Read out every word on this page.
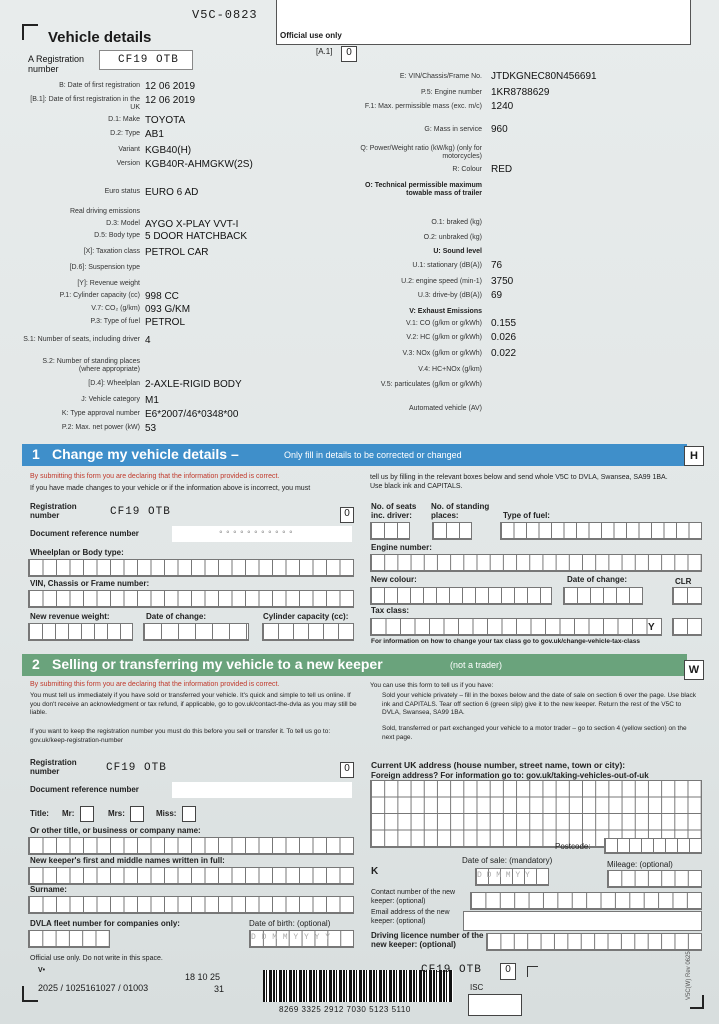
V5C-0823
Official use only
Vehicle details
[A.1]	0
1 Change my vehicle details –	Only fill in details to be corrected or changed	H
By submitting this form you are declaring that the information provided is correct.
If you have made changes to your vehicle or if the information above is incorrect, you must
tell us by filling in the relevant boxes below and send whole V5C to DVLA, Swansea, SA99 1BA. Use black ink and CAPITALS.
Registration number	CF19 OTB	0
Document reference number	◦◦◦◦◦◦◦◦◦◦◦
Wheelplan or Body type:
VIN, Chassis or Frame number:
New revenue weight:	Date of change:	Cylinder capacity (cc):
No. of seats inc. driver:
No. of standing places:	Type of fuel:
Engine number:
New colour:	Date of change:	CLR
Tax class:
Y
For information on how to change your tax class go to gov.uk/change-vehicle-tax-class
2 Selling or transferring my vehicle to a new keeper	(not a trader)	W
By submitting this form you are declaring that the information provided is correct.
You must tell us immediately if you have sold or transferred your vehicle. It's quick and simple to tell us online. If you don't receive an acknowledgment or tax refund, if applicable, go to gov.uk/contact-the-dvla as you may still be liable.
If you want to keep the registration number you must do this before you sell or transfer it. To tell us go to: gov.uk/keep-registration-number
You can use this form to tell us if you have:
Sold your vehicle privately – fill in the boxes below and the date of sale on section 6 over the page. Use black ink and CAPITALS. Tear off section 6 (green slip) give it to the new keeper. Return the rest of the V5C to DVLA, Swansea, SA99 1BA.
Sold, transferred or part exchanged your vehicle to a motor trader – go to section 4 (yellow section) on the next page.
Registration number	CF19 OTB	0
Document reference number
Title: Mr:	Mrs:	Miss:
Or other title, or business or company name:
New keeper's first and middle names written in full:
Surname:
DVLA fleet number for companies only:	Date of birth: (optional)
D D M M Y Y Y Y
Current UK address (house number, street name, town or city):
Foreign address? For information go to: gov.uk/taking-vehicles-out-of-uk
Postcode:
K
Date of sale: (mandatory)	Mileage: (optional)
D D M M Y Y
Contact number of the new keeper: (optional)
Email address of the new keeper: (optional)
Driving licence number of the new keeper: (optional)
Official use only. Do not write in this space.
V•
2025 / 1025161027 / 01003
18 10 25
31
8269 3325 2912 7030 5123 5110
CF19 OTB	0
ISC	V5C(W) Rev 0625
A Registration number
CF19 OTB
B: Date of first registration 12 06 2019
[B.1]: Date of first registration in the UK
12 06 2019
D.1: Make TOYOTA
D.2: Type AB1
Variant KGB40(H)
Version KGB40R-AHMGKW(2S)
Euro status EURO 6 AD
Real driving emissions
D.3: Model AYGO X-PLAY VVT-I
D.5: Body type 5 DOOR HATCHBACK
[X]: Taxation class PETROL CAR
[D.6]: Suspension type
[Y]: Revenue weight
P.1: Cylinder capacity (cc) 998 CC
V.7: CO₂ (g/km) 093 G/KM
P.3: Type of fuel PETROL
S.1: Number of seats, including driver 4
S.2: Number of standing places (where appropriate)
[D.4]: Wheelplan 2-AXLE-RIGID BODY
J: Vehicle category M1
K: Type approval number E6*2007/46*0348*00
P.2: Max. net power (kW) 53
E: VIN/Chassis/Frame No. JTDKGNEC80N456691
P.5: Engine number 1KR8788629
F.1: Max. permissible mass (exc. m/c) 1240
G: Mass in service 960
Q: Power/Weight ratio (kW/kg) (only for motorcycles)
R: Colour RED
O: Technical permissible maximum towable mass of trailer
O.1: braked (kg)
O.2: unbraked (kg)
U: Sound level
U.1: stationary (dB(A)) 76
U.2: engine speed (min-1) 3750
U.3: drive-by (dB(A)) 69
V: Exhaust Emissions
V.1: CO (g/km or g/kWh) 0.155
V.2: HC (g/km or g/kWh) 0.026
V.3: NOx (g/km or g/kWh) 0.022
V.4: HC+NOx (g/km)
V.5: particulates (g/km or g/kWh)
Automated vehicle (AV)
